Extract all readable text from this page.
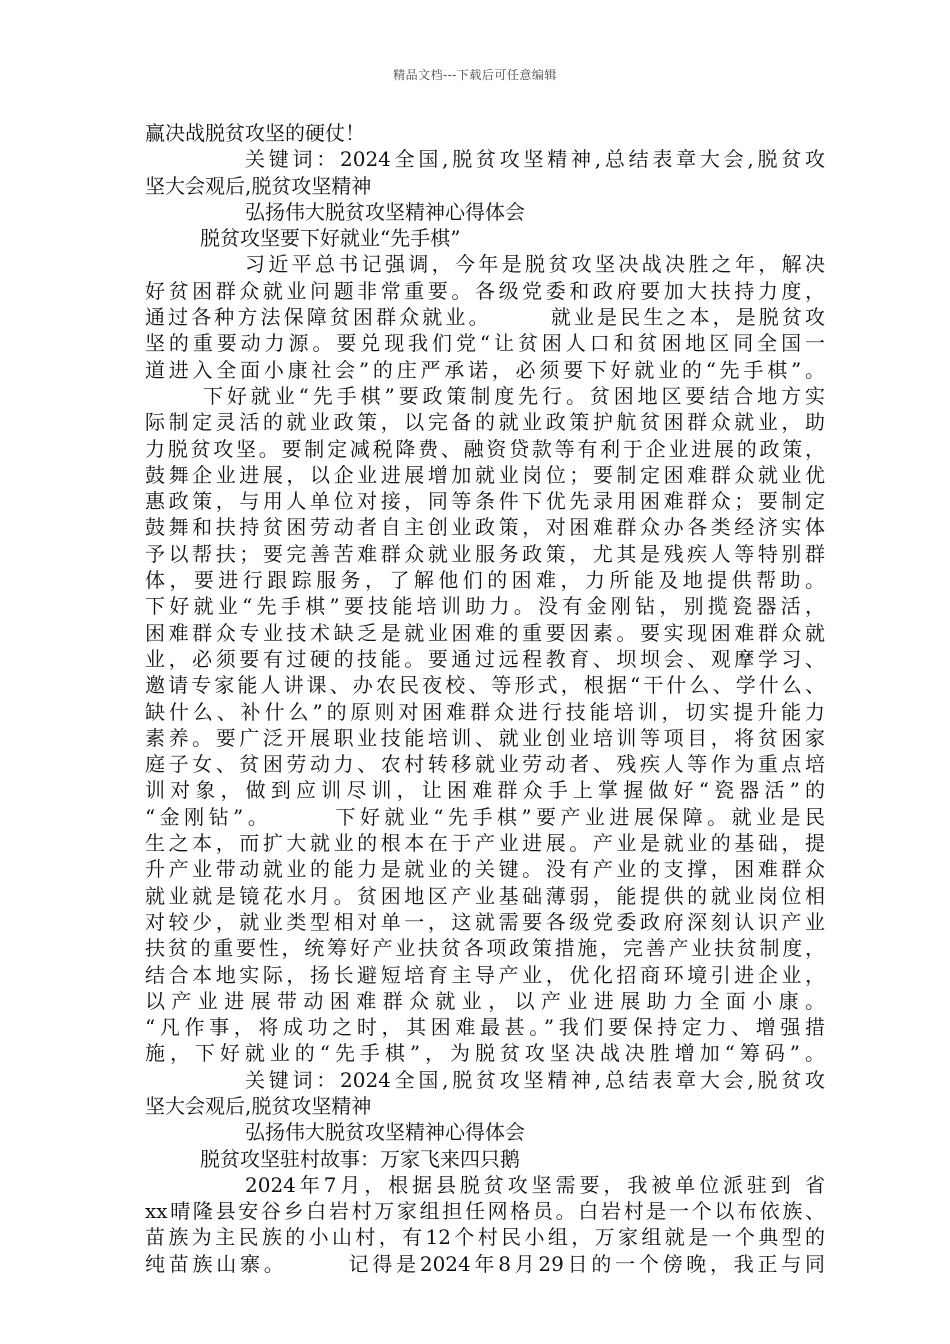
精品文档---下载后可任意编辑
赢决战脱贫攻坚的硬仗！
关键词：2024全国,脱贫攻坚精神,总结表章大会,脱贫攻
坚大会观后,脱贫攻坚精神
弘扬伟大脱贫攻坚精神心得体会
脱贫攻坚要下好就业“先手棋”
习近平总书记强调，今年是脱贫攻坚决战决胜之年，解决
好贫困群众就业问题非常重要。各级党委和政府要加大扶持力度，
通过各种方法保障贫困群众就业。　　　就业是民生之本，是脱贫攻
坚的重要动力源。要兑现我们党“让贫困人口和贫困地区同全国一
道进入全面小康社会”的庄严承诺，必须要下好就业的“先手棋”。
下好就业“先手棋”要政策制度先行。贫困地区要结合地方实
际制定灵活的就业政策，以完备的就业政策护航贫困群众就业，助
力脱贫攻坚。要制定减税降费、融资贷款等有利于企业进展的政策，
鼓舞企业进展，以企业进展增加就业岗位；要制定困难群众就业优
惠政策，与用人单位对接，同等条件下优先录用困难群众；要制定
鼓舞和扶持贫困劳动者自主创业政策，对困难群众办各类经济实体
予以帮扶；要完善苦难群众就业服务政策，尤其是残疾人等特别群
体，要进行跟踪服务，了解他们的困难，力所能及地提供帮助。
下好就业“先手棋”要技能培训助力。没有金刚钻，别揽瓷器活，
困难群众专业技术缺乏是就业困难的重要因素。要实现困难群众就
业，必须要有过硬的技能。要通过远程教育、坝坝会、观摩学习、
邀请专家能人讲课、办农民夜校、等形式，根据“干什么、学什么、
缺什么、补什么”的原则对困难群众进行技能培训，切实提升能力
素养。要广泛开展职业技能培训、就业创业培训等项目，将贫困家
庭子女、贫困劳动力、农村转移就业劳动者、残疾人等作为重点培
训对象，做到应训尽训，让困难群众手上掌握做好“瓷器活”的
“金刚钻”。　　　下好就业“先手棋”要产业进展保障。就业是民
生之本，而扩大就业的根本在于产业进展。产业是就业的基础，提
升产业带动就业的能力是就业的关键。没有产业的支撑，困难群众
就业就是镜花水月。贫困地区产业基础薄弱，能提供的就业岗位相
对较少，就业类型相对单一，这就需要各级党委政府深刻认识产业
扶贫的重要性，统筹好产业扶贫各项政策措施，完善产业扶贫制度，
结合本地实际，扬长避短培育主导产业，优化招商环境引进企业，
以产业进展带动困难群众就业，以产业进展助力全面小康。
“凡作事，将成功之时，其困难最甚。”我们要保持定力、增强措
施，下好就业的“先手棋”，为脱贫攻坚决战决胜增加“筹码”。
关键词：2024全国,脱贫攻坚精神,总结表章大会,脱贫攻
坚大会观后,脱贫攻坚精神
弘扬伟大脱贫攻坚精神心得体会
脱贫攻坚驻村故事：万家飞来四只鹅
2024年7月，根据县脱贫攻坚需要，我被单位派驻到 省
xx晴隆县安谷乡白岩村万家组担任网格员。白岩村是一个以布依族、
苗族为主民族的小山村，有12个村民小组，万家组就是一个典型的
纯苗族山寨。　　　记得是2024年8月29日的一个傍晚，我正与同
